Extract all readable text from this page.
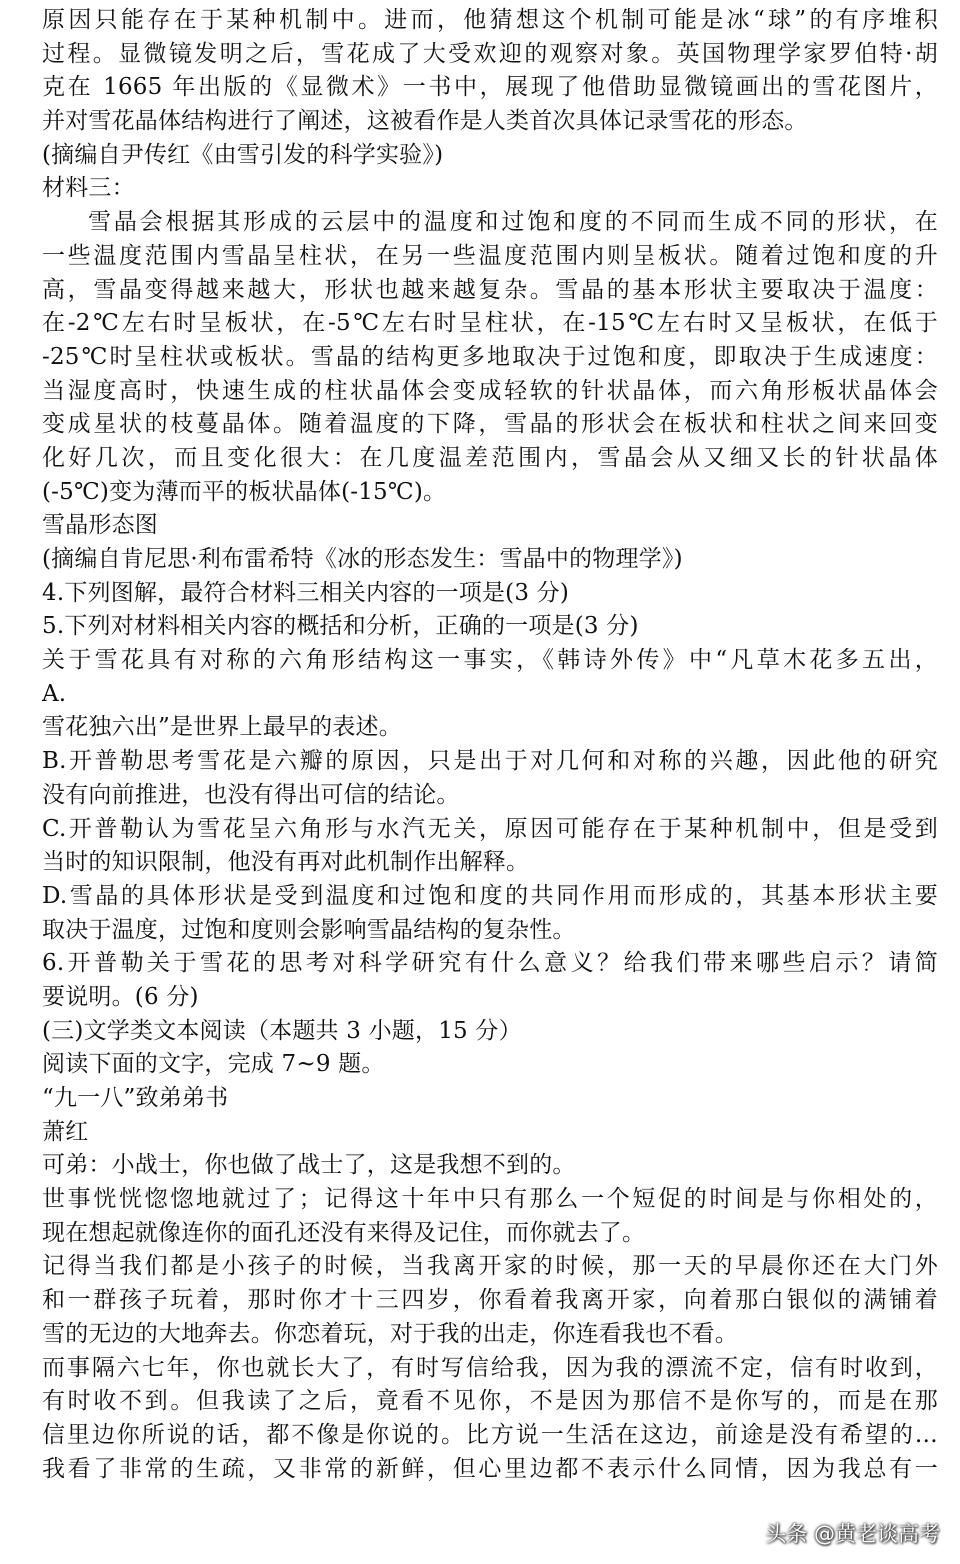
原因只能存在于某种机制中。进而，他猜想这个机制可能是冰“球”的有序堆积
过程。显微镜发明之后，雪花成了大受欢迎的观察对象。英国物理学家罗伯特·胡
克在 1665 年出版的《显微术》一书中，展现了他借助显微镜画出的雪花图片，
并对雪花晶体结构进行了阐述，这被看作是人类首次具体记录雪花的形态。
(摘编自尹传红《由雪引发的科学实验》)
材料三：
雪晶会根据其形成的云层中的温度和过饱和度的不同而生成不同的形状，在
一些温度范围内雪晶呈柱状，在另一些温度范围内则呈板状。随着过饱和度的升
高，雪晶变得越来越大，形状也越来越复杂。雪晶的基本形状主要取决于温度：
在-2℃左右时呈板状，在-5℃左右时呈柱状，在-15℃左右时又呈板状，在低于
-25℃时呈柱状或板状。雪晶的结构更多地取决于过饱和度，即取决于生成速度：
当湿度高时，快速生成的柱状晶体会变成轻软的针状晶体，而六角形板状晶体会
变成星状的枝蔓晶体。随着温度的下降，雪晶的形状会在板状和柱状之间来回变
化好几次，而且变化很大：在几度温差范围内，雪晶会从又细又长的针状晶体
(-5℃)变为薄而平的板状晶体(-15℃)。
雪晶形态图
(摘编自肯尼思·利布雷希特《冰的形态发生：雪晶中的物理学》)
4.下列图解，最符合材料三相关内容的一项是(3 分)
5.下列对材料相关内容的概括和分析，正确的一项是(3 分)
关于雪花具有对称的六角形结构这一事实，《韩诗外传》中“凡草木花多五出，
A.
雪花独六出”是世界上最早的表述。
B.开普勒思考雪花是六瓣的原因，只是出于对几何和对称的兴趣，因此他的研究
没有向前推进，也没有得出可信的结论。
C.开普勒认为雪花呈六角形与水汽无关，原因可能存在于某种机制中，但是受到
当时的知识限制，他没有再对此机制作出解释。
D.雪晶的具体形状是受到温度和过饱和度的共同作用而形成的，其基本形状主要
取决于温度，过饱和度则会影响雪晶结构的复杂性。
6.开普勒关于雪花的思考对科学研究有什么意义？给我们带来哪些启示？请简
要说明。(6 分)
(三)文学类文本阅读（本题共 3 小题，15 分）
阅读下面的文字，完成 7~9 题。
“九一八”致弟弟书
萧红
可弟：小战士，你也做了战士了，这是我想不到的。
世事恍恍惚惚地就过了；记得这十年中只有那么一个短促的时间是与你相处的，
现在想起就像连你的面孔还没有来得及记住，而你就去了。
记得当我们都是小孩子的时候，当我离开家的时候，那一天的早晨你还在大门外
和一群孩子玩着，那时你才十三四岁，你看着我离开家，向着那白银似的满铺着
雪的无边的大地奔去。你恋着玩，对于我的出走，你连看我也不看。
而事隔六七年，你也就长大了，有时写信给我，因为我的漂流不定，信有时收到，
有时收不到。但我读了之后，竟看不见你，不是因为那信不是你写的，而是在那
信里边你所说的话，都不像是你说的。比方说一生活在这边，前途是没有希望的…
我看了非常的生疏，又非常的新鲜，但心里边都不表示什么同情，因为我总有一
头条 @黄老谈高考
